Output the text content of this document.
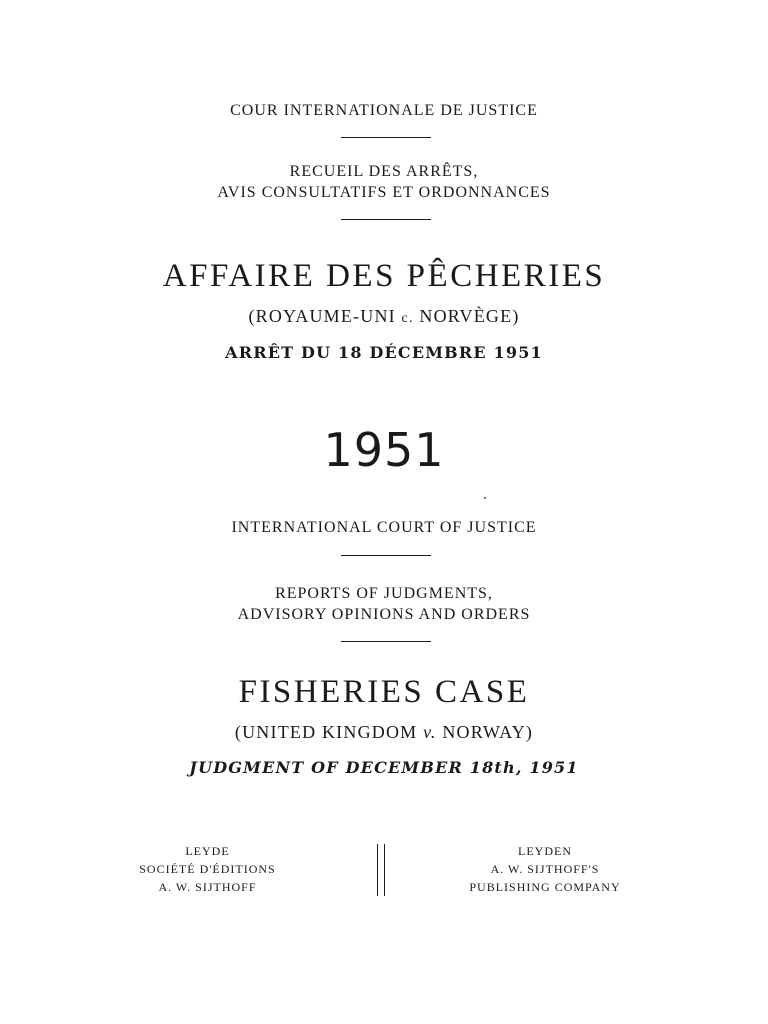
COUR INTERNATIONALE DE JUSTICE
RECUEIL DES ARRÊTS,
AVIS CONSULTATIFS ET ORDONNANCES
AFFAIRE DES PÊCHERIES
(ROYAUME-UNI c. NORVÈGE)
ARRÊT DU 18 DÉCEMBRE 1951
1951
INTERNATIONAL COURT OF JUSTICE
REPORTS OF JUDGMENTS,
ADVISORY OPINIONS AND ORDERS
FISHERIES CASE
(UNITED KINGDOM v. NORWAY)
JUDGMENT OF DECEMBER 18th, 1951
LEYDE
SOCIÉTÉ D'ÉDITIONS
A. W. SIJTHOFF
LEYDEN
A. W. SIJTHOFF'S
PUBLISHING COMPANY
